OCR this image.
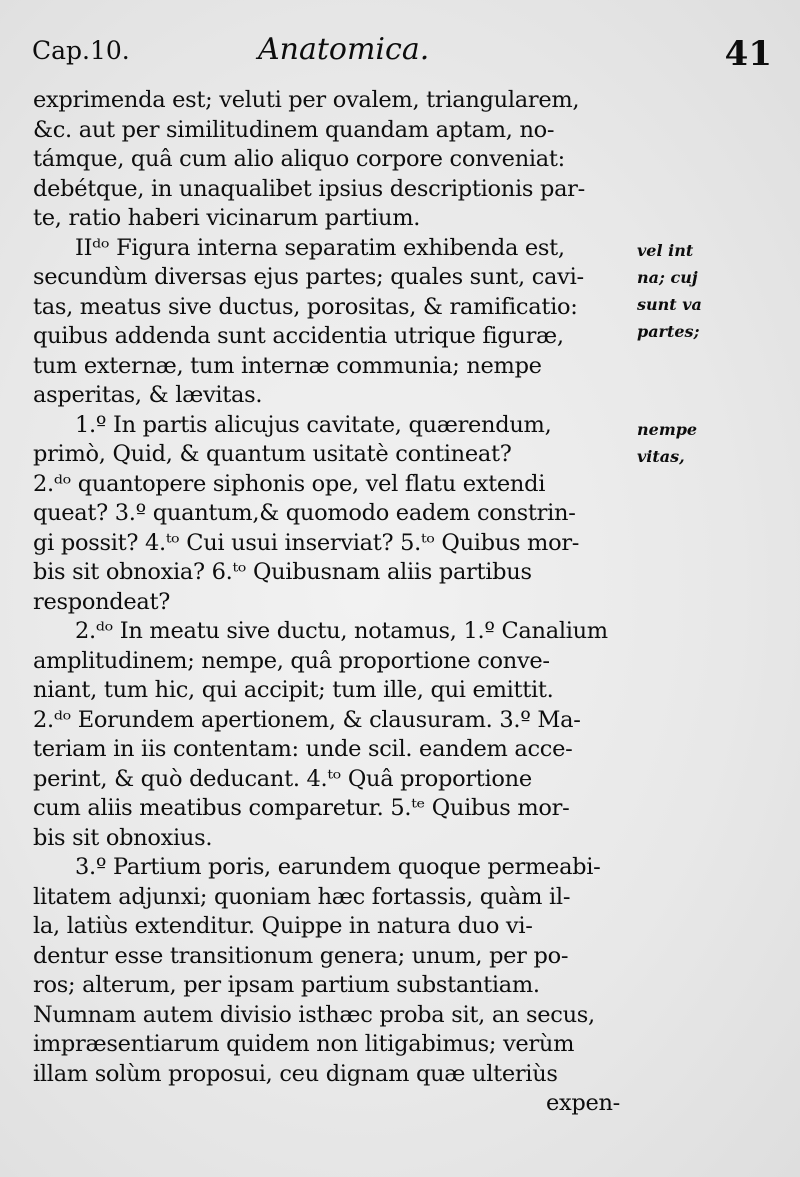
Cap.10.	Anatomica.	41
exprimenda est; veluti per ovalem, triangularem,
&c. aut per similitudinem quandam aptam, no-
támque, quâ cum alio aliquo corpore conveniat:
debétque, in unaqualibet ipsius descriptionis par-
te, ratio haberi vicinarum partium.
IIᵈᵒ Figura interna separatim exhibenda est,
secundùm diversas ejus partes; quales sunt, cavi-
tas, meatus sive ductus, porositas, & ramificatio:
quibus addenda sunt accidentia utrique figuræ,
tum externæ, tum internæ communia; nempe
asperitas, & lævitas.
1.º In partis alicujus cavitate, quærendum,
primò, Quid, & quantum usitatè contineat?
2.ᵈᵒ quantopere siphonis ope, vel flatu extendi
queat? 3.º quantum,& quomodo eadem constrin-
gi possit? 4.ᵗᵒ Cui usui inserviat? 5.ᵗᵒ Quibus mor-
bis sit obnoxia? 6.ᵗᵒ Quibusnam aliis partibus
respondeat?
2.ᵈᵒ In meatu sive ductu, notamus, 1.º Canalium
amplitudinem; nempe, quâ proportione conve-
niant, tum hic, qui accipit; tum ille, qui emittit.
2.ᵈᵒ Eorundem apertionem, & clausuram. 3.º Ma-
teriam in iis contentam: unde scil. eandem acce-
perint, & quò deducant. 4.ᵗᵒ Quâ proportione
cum aliis meatibus comparetur. 5.ᵗᵉ Quibus mor-
bis sit obnoxius.
3.º Partium poris, earundem quoque permeabi-
litatem adjunxi; quoniam hæc fortassis, quàm il-
la, latiùs extenditur. Quippe in natura duo vi-
dentur esse transitionum genera; unum, per po-
ros; alterum, per ipsam partium substantiam.
Numnam autem divisio isthæc proba sit, an secus,
impræsentiarum quidem non litigabimus; verùm
illam solùm proposui, ceu dignam quæ ulteriùs
expen-
vel int
na; cuj
sunt va
partes;
nempe
vitas,
